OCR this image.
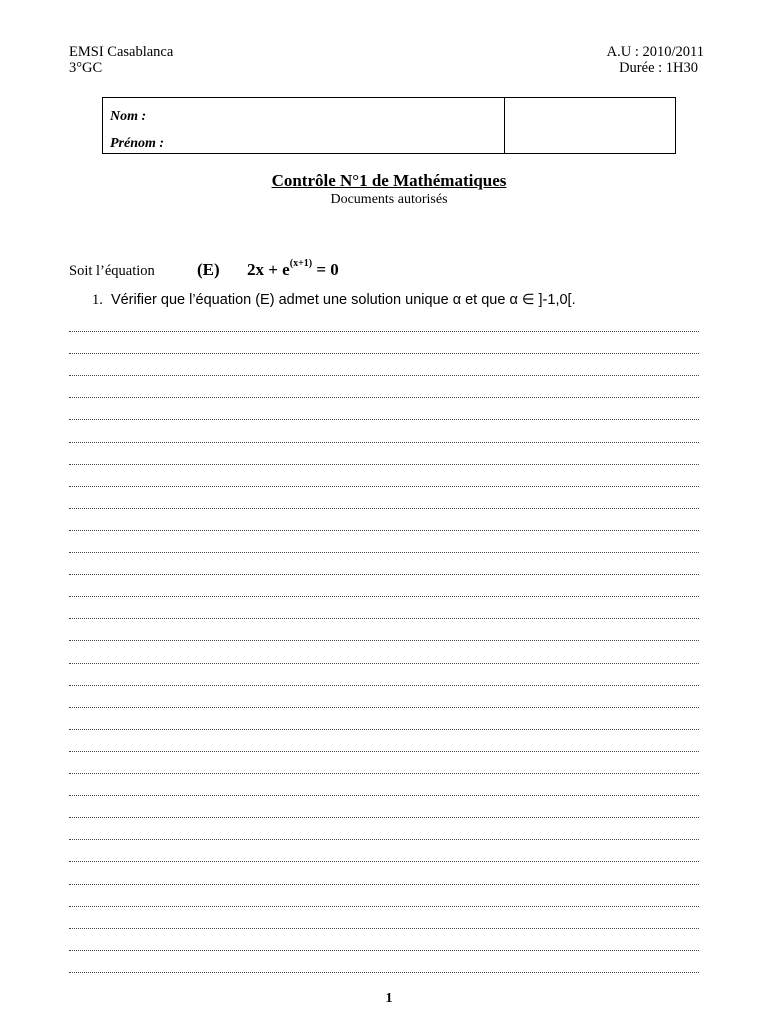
EMSI Casablanca
3°GC
A.U : 2010/2011
Durée : 1H30
Nom :
Prénom :
Contrôle N°1 de Mathématiques
Documents autorisés
Soit l’équation (E) $2x + e^{(x+1)} = 0$
1. Vérifier que l’équation (E) admet une solution unique α et que α ∈ ]-1,0[.
1
